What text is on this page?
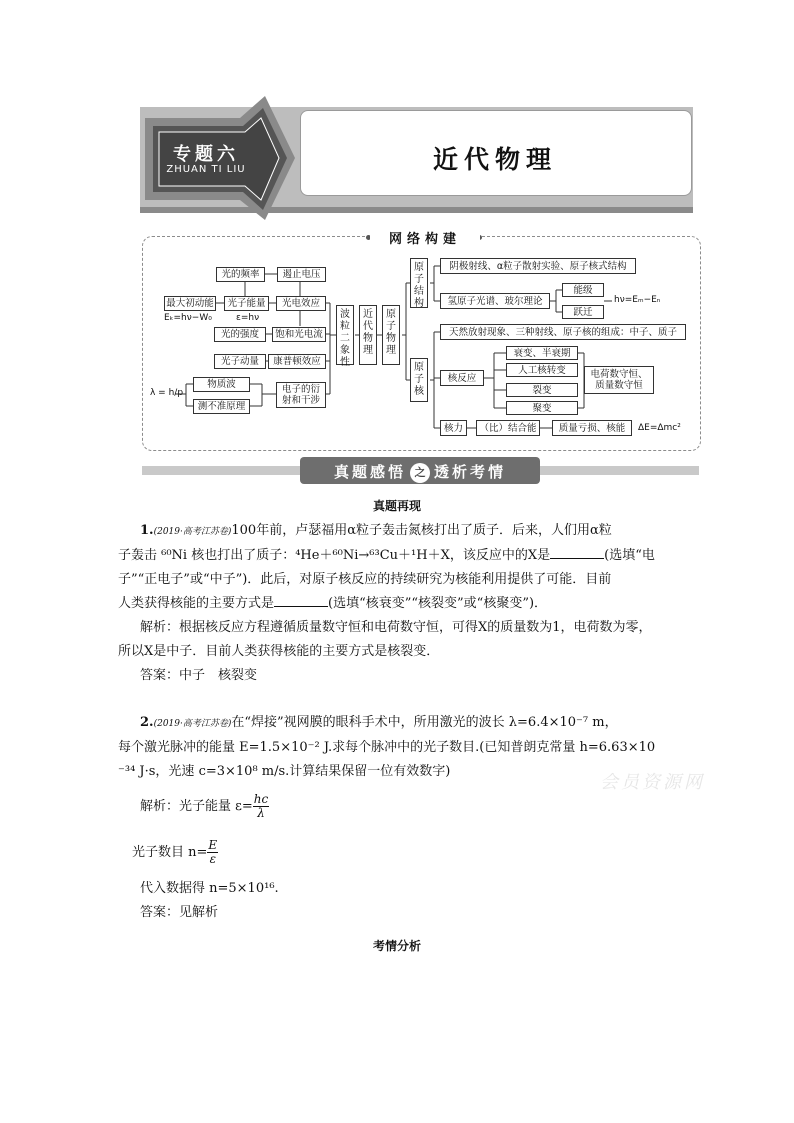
近代物理
专题六
ZHUAN TI LIU
网络构建
光的频率	遏止电压
最大初动能
Eₖ=hν−W₀
光子能量
ε=hν
光电效应
光的强度	饱和光电流
光子动量	康普顿效应
λ = h/p
物质波
测不准原理
电子的衍射和干涉
波粒二象性
近代物理
原子物理
原子结构
原子核
阴极射线、α粒子散射实验、原子核式结构
氢原子光谱、玻尔理论
能级
跃迁
hν=Eₘ−Eₙ
天然放射现象、三种射线、原子核的组成：中子、质子
核反应
衰变、半衰期
人工核转变
裂变
聚变
电荷数守恒、质量数守恒
核力	（比）结合能	质量亏损、核能	ΔE=Δmc²
真题感悟 之 透析考情
真题再现
1.(2019·高考江苏卷)100年前，卢瑟福用α粒子轰击氮核打出了质子．后来，人们用α粒
子轰击 ⁶⁰Ni 核也打出了质子：⁴He＋⁶⁰Ni→⁶³Cu＋¹H＋X，该反应中的X是	(选填“电
子”“正电子”或“中子”)．此后，对原子核反应的持续研究为核能利用提供了可能．目前
人类获得核能的主要方式是	(选填“核衰变”“核裂变”或“核聚变”)．
解析：根据核反应方程遵循质量数守恒和电荷数守恒，可得X的质量数为1，电荷数为零，
所以X是中子．目前人类获得核能的主要方式是核裂变．
答案：中子　核裂变
2.(2019·高考江苏卷)在“焊接”视网膜的眼科手术中，所用激光的波长 λ=6.4×10⁻⁷ m，
每个激光脉冲的能量 E=1.5×10⁻² J.求每个脉冲中的光子数目.(已知普朗克常量 h=6.63×10
⁻³⁴ J·s，光速 c=3×10⁸ m/s.计算结果保留一位有效数字)
会员资源网
解析：光子能量 $\varepsilon= \frac{hc}{\lambda}$
光子数目 $n= \frac{E}{\varepsilon}$
代入数据得 n=5×10¹⁶.
答案：见解析
考情分析
